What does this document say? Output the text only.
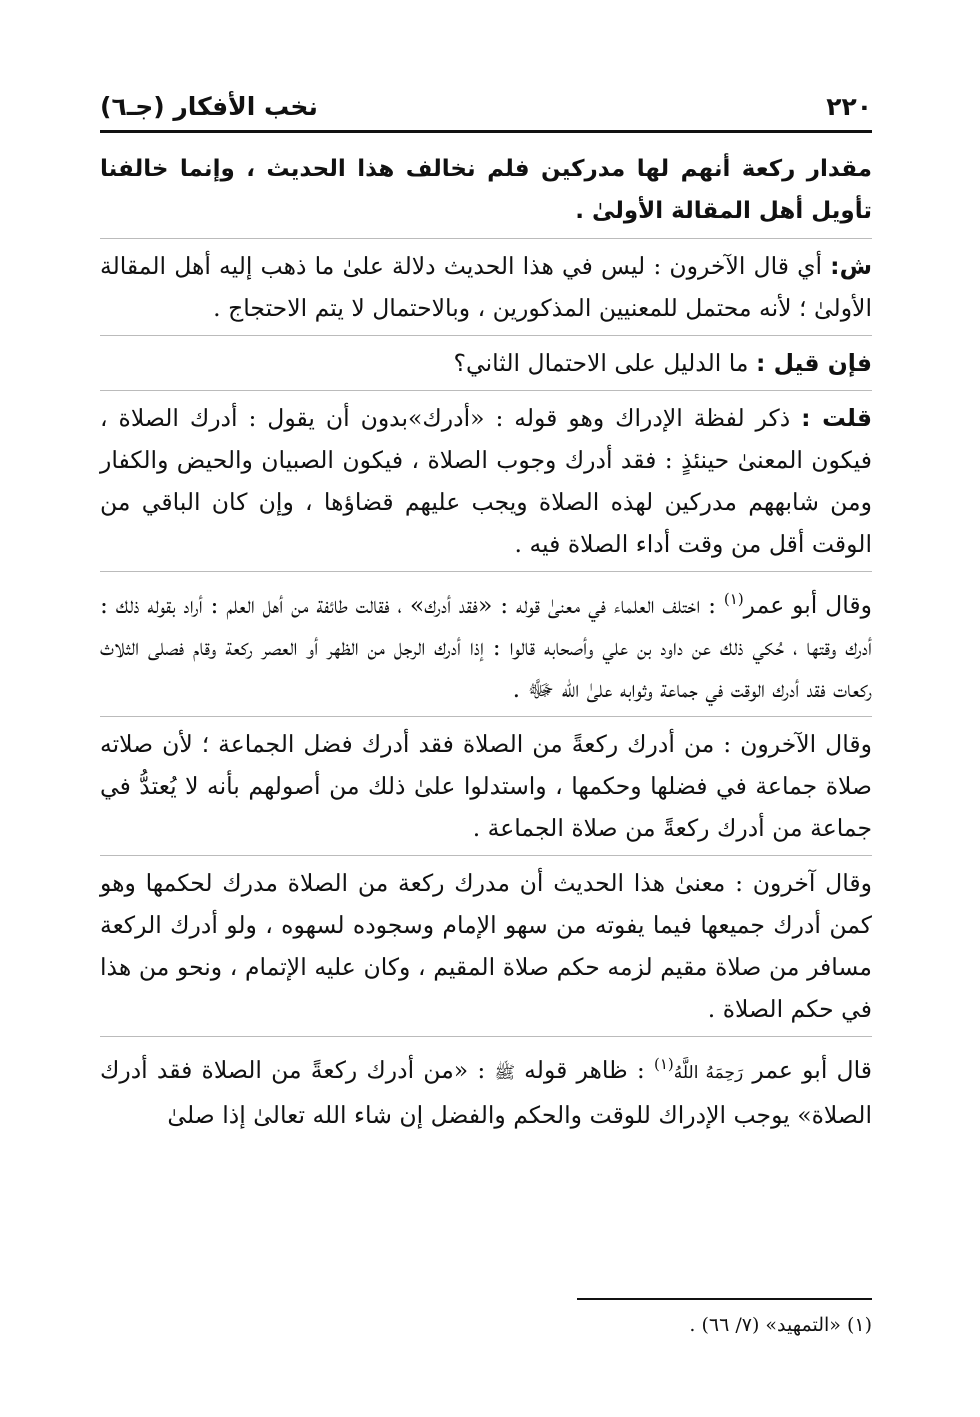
٢٢٠
نخب الأفكار (جـ٦)

مقدار ركعة أنهم لها مدركين فلم نخالف هذا الحديث ، وإنما خالفنا تأويل أهل المقالة الأولىٰ .

ش: أي قال الآخرون : ليس في هذا الحديث دلالة علىٰ ما ذهب إليه أهل المقالة الأولىٰ ؛ لأنه محتمل للمعنيين المذكورين ، وبالاحتمال لا يتم الاحتجاج .

فإن قيل : ما الدليل على الاحتمال الثاني؟

قلت : ذكر لفظة الإدراك وهو قوله : «أدرك»بدون أن يقول : أدرك الصلاة ، فيكون المعنىٰ حينئذٍ : فقد أدرك وجوب الصلاة ، فيكون الصبيان والحيض والكفار ومن شابههم مدركين لهذه الصلاة ويجب عليهم قضاؤها ، وإن كان الباقي من الوقت أقل من وقت أداء الصلاة فيه .

وقال أبو عمر$^{(١)}$ : اختلف العلماء في معنىٰ قوله : «فقد أدرك» ، فقالت طائفة من أهل العلم : أراد بقوله ذلك : أدرك وقتها ، حُكي ذلك عن داود بن علي وأصحابه قالوا : إذا أدرك الرجل من الظهر أو العصر ركعة وقام فصلى الثلاث ركعات فقد أدرك الوقت في جماعة وثوابه علىٰ الله ﷻ .

وقال الآخرون : من أدرك ركعةً من الصلاة فقد أدرك فضل الجماعة ؛ لأن صلاته صلاة جماعة في فضلها وحكمها ، واستدلوا علىٰ ذلك من أصولهم بأنه لا يُعتدُّ في جماعة من أدرك ركعةً من صلاة الجماعة .

وقال آخرون : معنىٰ هذا الحديث أن مدرك ركعة من الصلاة مدرك لحكمها وهو كمن أدرك جميعها فيما يفوته من سهو الإمام وسجوده لسهوه ، ولو أدرك الركعة مسافر من صلاة مقيم لزمه حكم صلاة المقيم ، وكان عليه الإتمام ، ونحو من هذا في حكم الصلاة .

قال أبو عمر رَحِمَهُ اللَّهُ$^{(١)}$ : ظاهر قوله ﷺ : «من أدرك ركعةً من الصلاة فقد أدرك الصلاة» يوجب الإدراك للوقت والحكم والفضل إن شاء الله تعالىٰ إذا صلىٰ

(١) «التمهيد» (٧/ ٦٦) .
